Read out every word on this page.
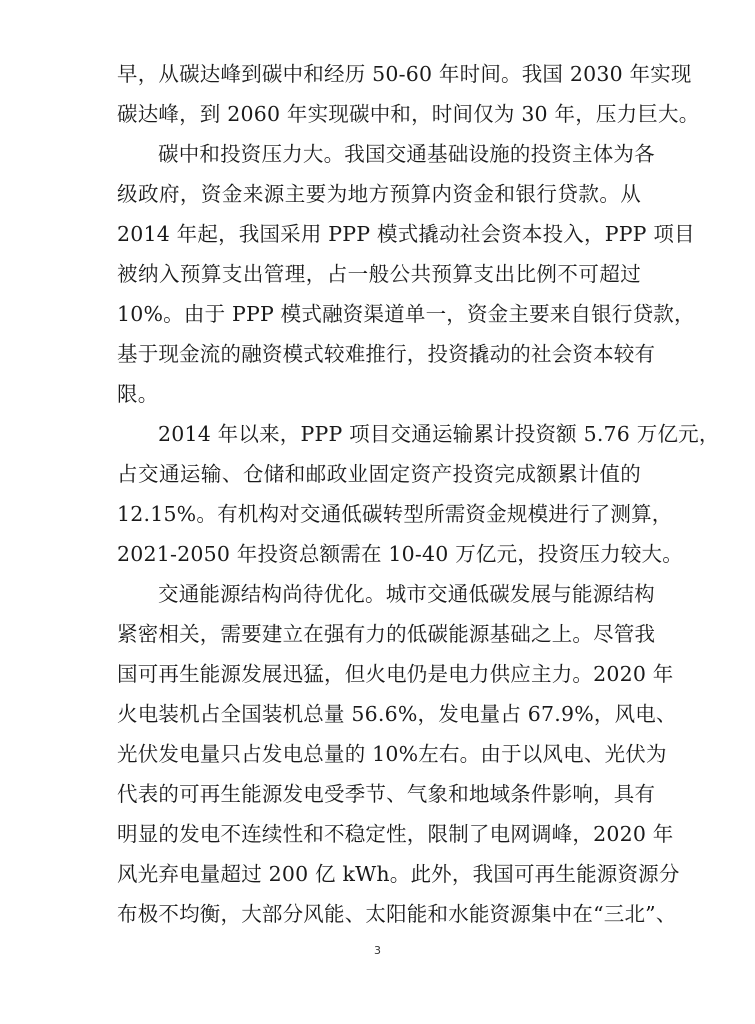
早，从碳达峰到碳中和经历 50-60 年时间。我国 2030 年实现
碳达峰，到 2060 年实现碳中和，时间仅为 30 年，压力巨大。
碳中和投资压力大。我国交通基础设施的投资主体为各
级政府，资金来源主要为地方预算内资金和银行贷款。从
2014 年起，我国采用 PPP 模式撬动社会资本投入，PPP 项目
被纳入预算支出管理，占一般公共预算支出比例不可超过
10%。由于 PPP 模式融资渠道单一，资金主要来自银行贷款，
基于现金流的融资模式较难推行，投资撬动的社会资本较有
限。
2014 年以来，PPP 项目交通运输累计投资额 5.76 万亿元，
占交通运输、仓储和邮政业固定资产投资完成额累计值的
12.15%。有机构对交通低碳转型所需资金规模进行了测算，
2021-2050 年投资总额需在 10-40 万亿元，投资压力较大。
交通能源结构尚待优化。城市交通低碳发展与能源结构
紧密相关，需要建立在强有力的低碳能源基础之上。尽管我
国可再生能源发展迅猛，但火电仍是电力供应主力。2020 年
火电装机占全国装机总量 56.6%，发电量占 67.9%，风电、
光伏发电量只占发电总量的 10%左右。由于以风电、光伏为
代表的可再生能源发电受季节、气象和地域条件影响，具有
明显的发电不连续性和不稳定性，限制了电网调峰，2020 年
风光弃电量超过 200 亿 kWh。此外，我国可再生能源资源分
3
布极不均衡，大部分风能、太阳能和水能资源集中在“三北”、
